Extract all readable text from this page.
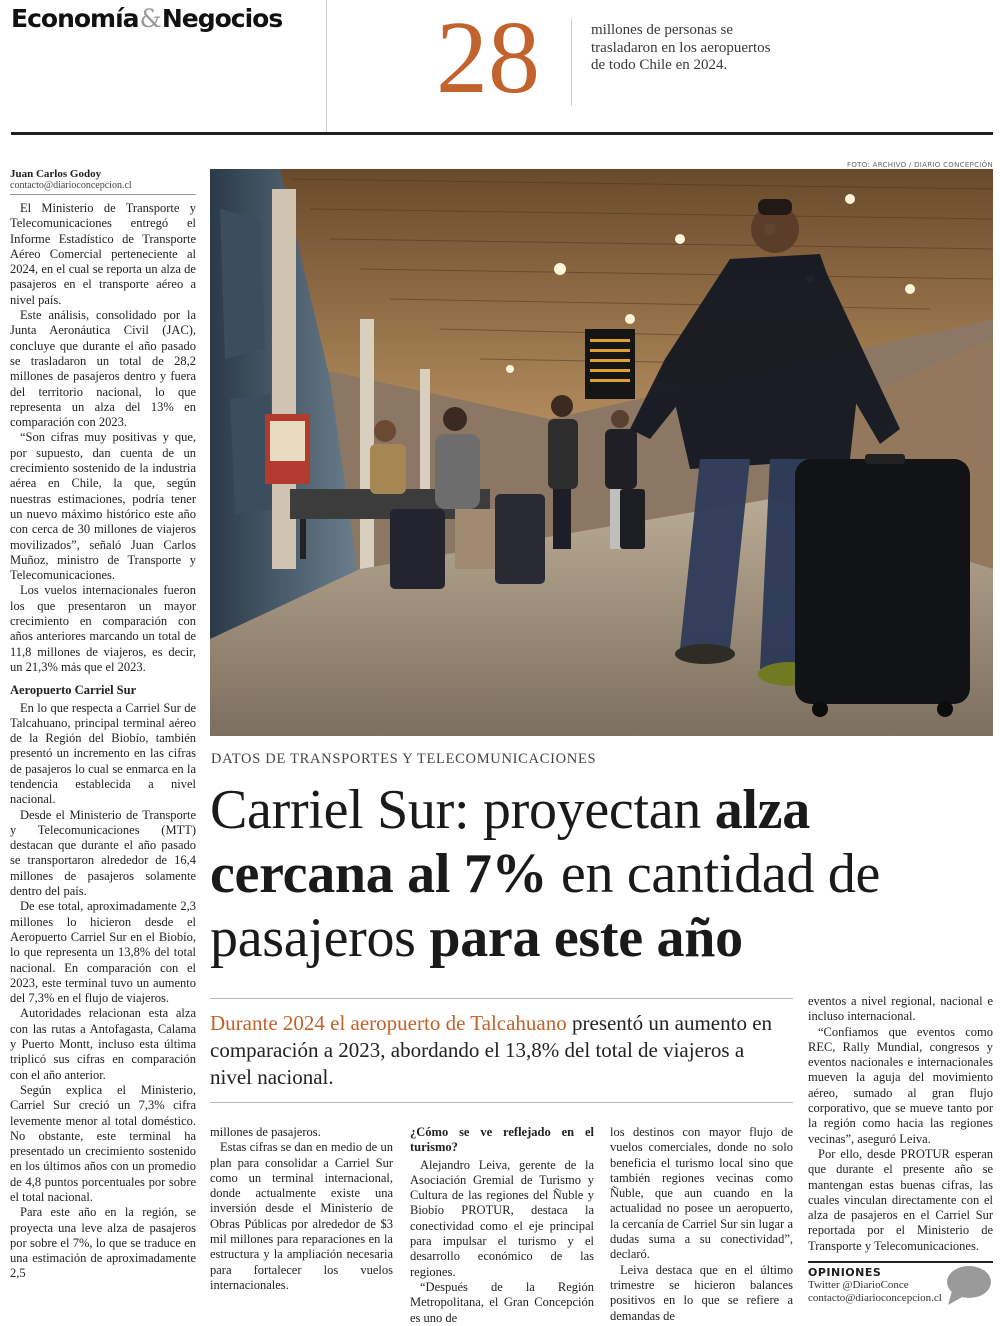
Economía&Negocios 28	millones de personas se trasladaron en los aeropuertos de todo Chile en 2024.
FOTO: ARCHIVO / DIARIO CONCEPCIÓN
Juan Carlos Godoy
contacto@diarioconcepcion.cl

El Ministerio de Transporte y Telecomunicaciones entregó el Informe Estadístico de Transporte Aéreo Comercial perteneciente al 2024, en el cual se reporta un alza de pasajeros en el transporte aéreo a nivel país.

Este análisis, consolidado por la Junta Aeronáutica Civil (JAC), concluye que durante el año pasado se trasladaron un total de 28,2 millones de pasajeros dentro y fuera del territorio nacional, lo que representa un alza del 13% en comparación con 2023.

“Son cifras muy positivas y que, por supuesto, dan cuenta de un crecimiento sostenido de la industria aérea en Chile, la que, según nuestras estimaciones, podría tener un nuevo máximo histórico este año con cerca de 30 millones de viajeros movilizados”, señaló Juan Carlos Muñoz, ministro de Transporte y Telecomunicaciones.

Los vuelos internacionales fueron los que presentaron un mayor crecimiento en comparación con años anteriores marcando un total de 11,8 millones de viajeros, es decir, un 21,3% más que el 2023.

Aeropuerto Carriel Sur

En lo que respecta a Carriel Sur de Talcahuano, principal terminal aéreo de la Región del Biobío, también presentó un incremento en las cifras de pasajeros lo cual se enmarca en la tendencia establecida a nivel nacional.

Desde el Ministerio de Transporte y Telecomunicaciones (MTT) destacan que durante el año pasado se transportaron alrededor de 16,4 millones de pasajeros solamente dentro del país.

De ese total, aproximadamente 2,3 millones lo hicieron desde el Aeropuerto Carriel Sur en el Biobío, lo que representa un 13,8% del total nacional. En comparación con el 2023, este terminal tuvo un aumento del 7,3% en el flujo de viajeros.

Autoridades relacionan esta alza con las rutas a Antofagasta, Calama y Puerto Montt, incluso esta última triplicó sus cifras en comparación con el año anterior.

Según explica el Ministerio, Carriel Sur creció un 7,3% cifra levemente menor al total doméstico. No obstante, este terminal ha presentado un crecimiento sostenido en los últimos años con un promedio de 4,8 puntos porcentuales por sobre el total nacional.

Para este año en la región, se proyecta una leve alza de pasajeros por sobre el 7%, lo que se traduce en una estimación de aproximadamente 2,5

DATOS DE TRANSPORTES Y TELECOMUNICACIONES
Carriel Sur: proyectan alza cercana al 7% en cantidad de pasajeros para este año
Durante 2024 el aeropuerto de Talcahuano presentó un aumento en comparación a 2023, abordando el 13,8% del total de viajeros a nivel nacional.

millones de pasajeros.

Estas cifras se dan en medio de un plan para consolidar a Carriel Sur como un terminal internacional, donde actualmente existe una inversión desde el Ministerio de Obras Públicas por alrededor de $3 mil millones para reparaciones en la estructura y la ampliación necesaria para fortalecer los vuelos internacionales.

¿Cómo se ve reflejado en el turismo?

Alejandro Leiva, gerente de la Asociación Gremial de Turismo y Cultura de las regiones del Ñuble y Biobío PROTUR, destaca la conectividad como el eje principal para impulsar el turismo y el desarrollo económico de las regiones.

“Después de la Región Metropolitana, el Gran Concepción es uno de

los destinos con mayor flujo de vuelos comerciales, donde no solo beneficia el turismo local sino que también regiones vecinas como Ñuble, que aun cuando en la actualidad no posee un aeropuerto, la cercanía de Carriel Sur sin lugar a dudas suma a su conectividad”, declaró.

Leiva destaca que en el último trimestre se hicieron balances positivos en lo que se refiere a demandas de

eventos a nivel regional, nacional e incluso internacional.

“Confiamos que eventos como REC, Rally Mundial, congresos y eventos nacionales e internacionales mueven la aguja del movimiento aéreo, sumado al gran flujo corporativo, que se mueve tanto por la región como hacia las regiones vecinas”, aseguró Leiva.

Por ello, desde PROTUR esperan que durante el presente año se mantengan estas buenas cifras, las cuales vinculan directamente con el alza de pasajeros en el Carriel Sur reportada por el Ministerio de Transporte y Telecomunicaciones.

OPINIONES
Twitter @DiarioConce
contacto@diarioconcepcion.cl
